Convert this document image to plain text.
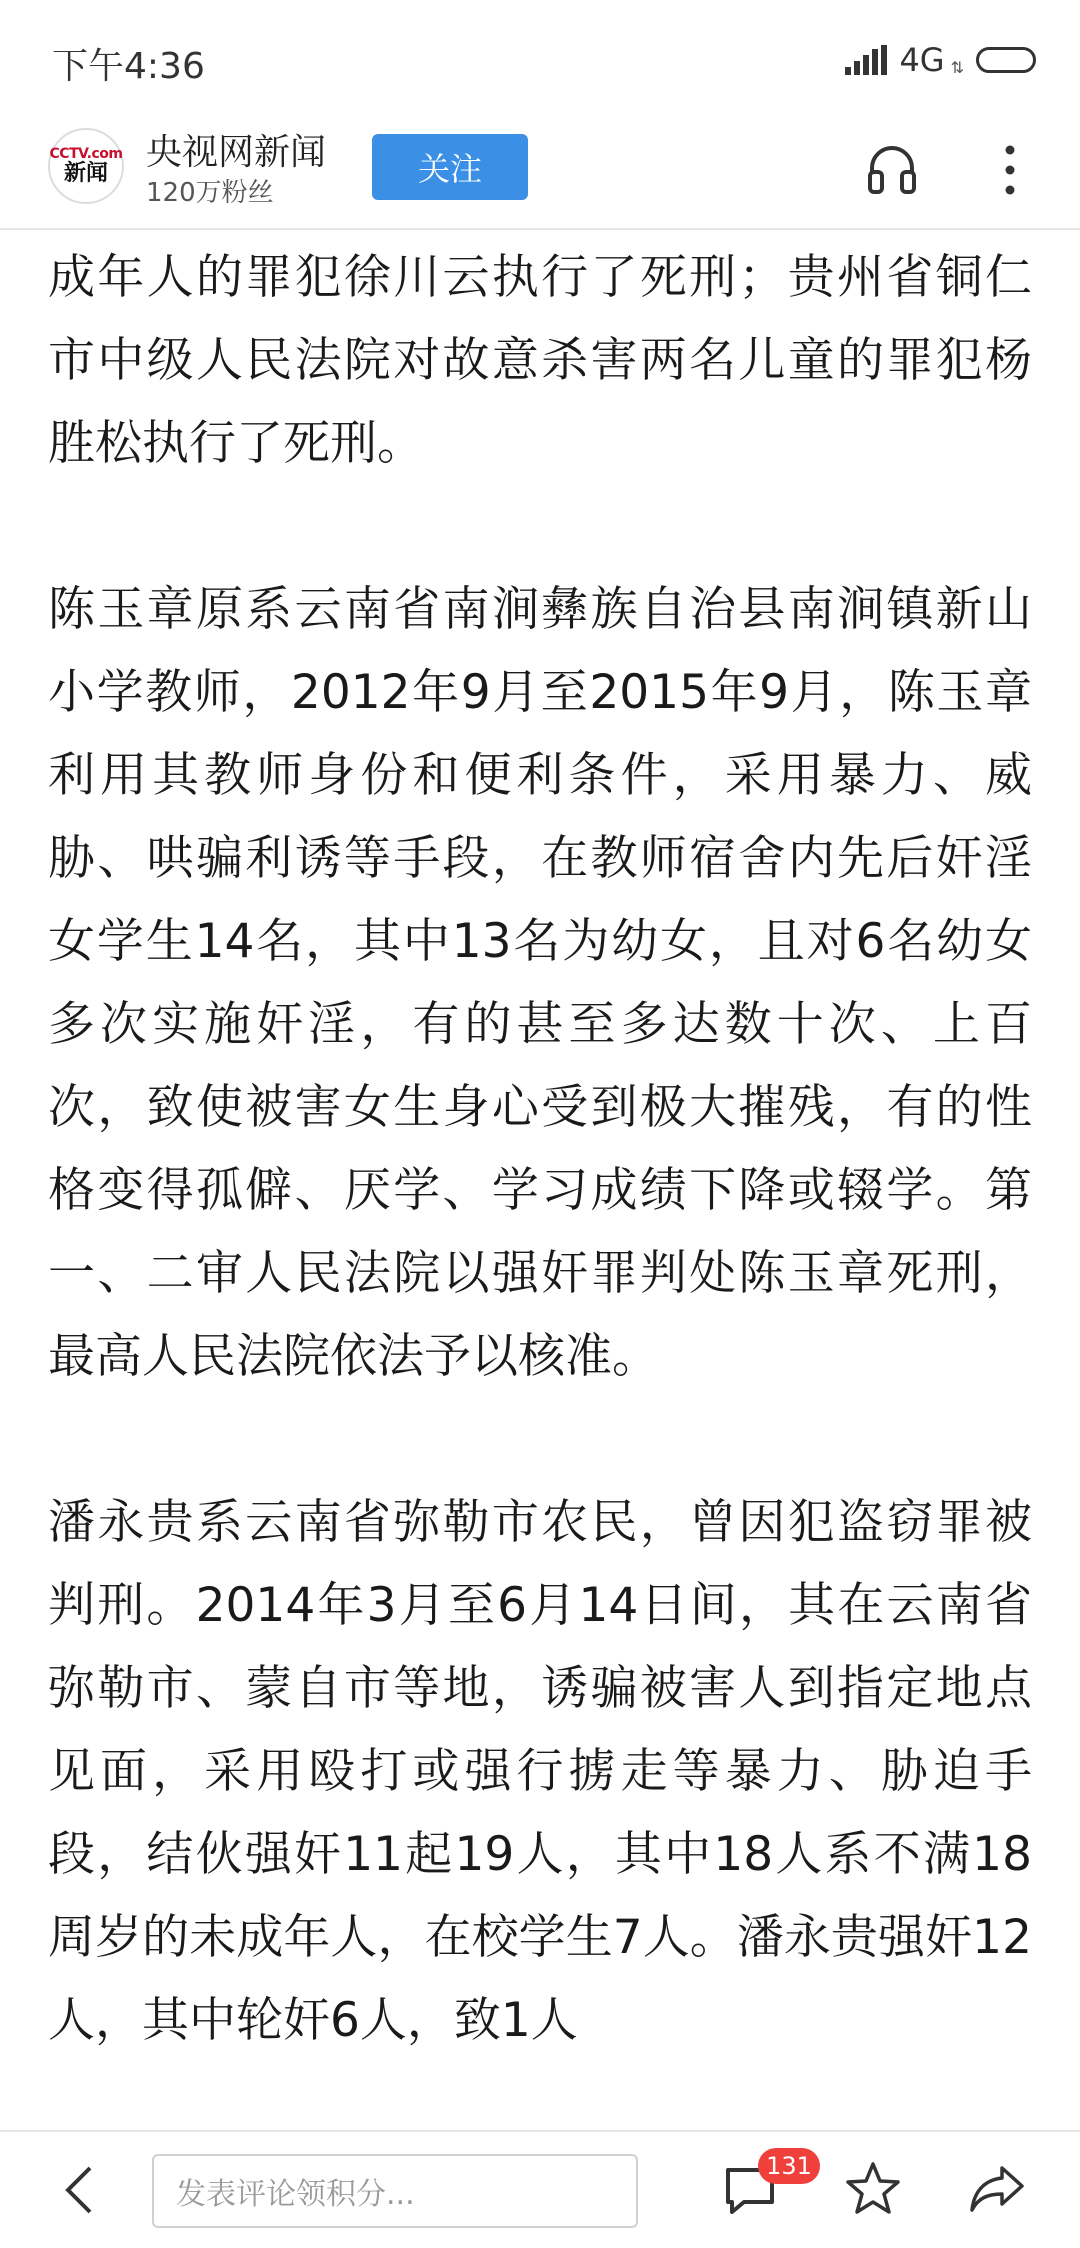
下午4:36	4G ⇅
CCTV.com
新闻
央视网新闻
120万粉丝
关注

成年人的罪犯徐川云执行了死刑；贵州省铜仁市中级人民法院对故意杀害两名儿童的罪犯杨胜松执行了死刑。

陈玉章原系云南省南涧彝族自治县南涧镇新山小学教师，2012年9月至2015年9月，陈玉章利用其教师身份和便利条件，采用暴力、威胁、哄骗利诱等手段，在教师宿舍内先后奸淫女学生14名，其中13名为幼女，且对6名幼女多次实施奸淫，有的甚至多达数十次、上百次，致使被害女生身心受到极大摧残，有的性格变得孤僻、厌学、学习成绩下降或辍学。第一、二审人民法院以强奸罪判处陈玉章死刑，最高人民法院依法予以核准。

潘永贵系云南省弥勒市农民，曾因犯盗窃罪被判刑。2014年3月至6月14日间，其在云南省弥勒市、蒙自市等地，诱骗被害人到指定地点见面，采用殴打或强行掳走等暴力、胁迫手段，结伙强奸11起19人，其中18人系不满18周岁的未成年人，在校学生7人。潘永贵强奸12人，其中轮奸6人，致1人

发表评论领积分...
131
